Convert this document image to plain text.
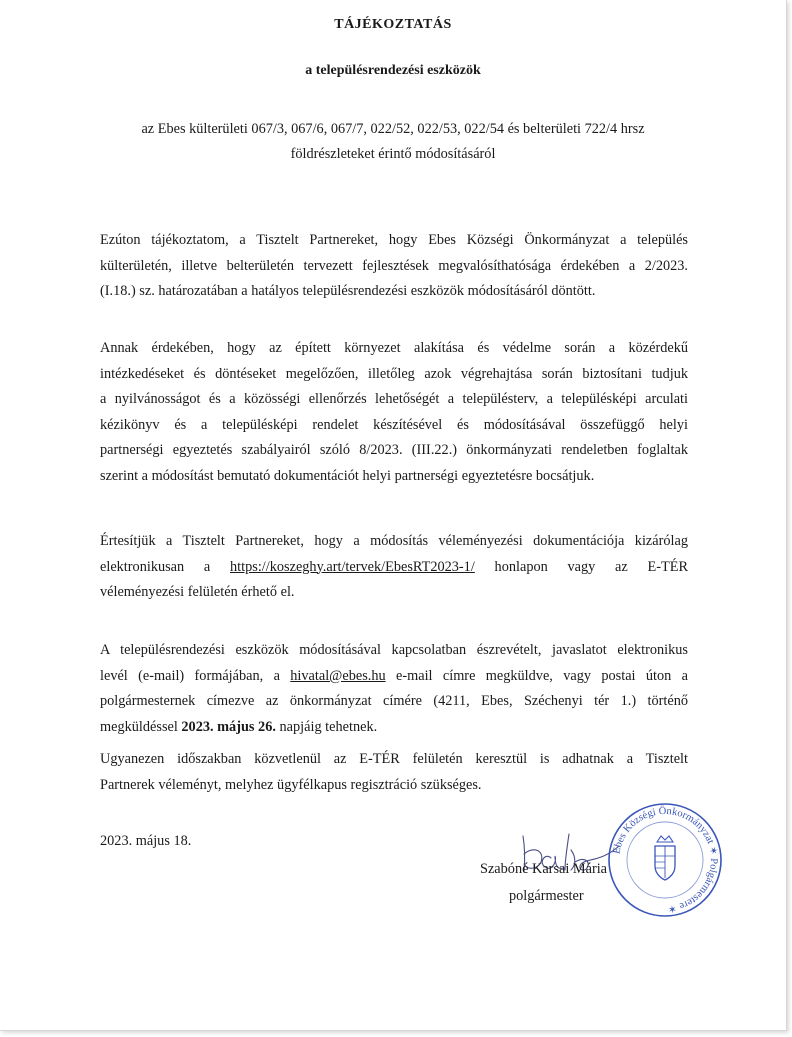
TÁJÉKOZTATÁS
a településrendezési eszközök
az Ebes külterületi 067/3, 067/6, 067/7, 022/52, 022/53, 022/54 és belterületi 722/4 hrsz
földrészleteket érintő módosításáról
Ezúton tájékoztatom, a Tisztelt Partnereket, hogy Ebes Községi Önkormányzat a település
külterületén, illetve belterületén tervezett fejlesztések megvalósíthatósága érdekében a 2/2023.
(I.18.) sz. határozatában a hatályos településrendezési eszközök módosításáról döntött.
Annak érdekében, hogy az épített környezet alakítása és védelme során a közérdekű
intézkedéseket és döntéseket megelőzően, illetőleg azok végrehajtása során biztosítani tudjuk
a nyilvánosságot és a közösségi ellenőrzés lehetőségét a településterv, a településképi arculati
kézikönyv és a településképi rendelet készítésével és módosításával összefüggő helyi
partnerségi egyeztetés szabályairól szóló 8/2023. (III.22.) önkormányzati rendeletben foglaltak
szerint a módosítást bemutató dokumentációt helyi partnerségi egyeztetésre bocsátjuk.
Értesítjük a Tisztelt Partnereket, hogy a módosítás véleményezési dokumentációja kizárólag
elektronikusan a https://koszeghy.art/tervek/EbesRT2023-1/ honlapon vagy az E-TÉR
véleményezési felületén érhető el.
A településrendezési eszközök módosításával kapcsolatban észrevételt, javaslatot elektronikus
levél (e-mail) formájában, a hivatal@ebes.hu e-mail címre megküldve, vagy postai úton a
polgármesternek címezve az önkormányzat címére (4211, Ebes, Széchenyi tér 1.) történő
megküldéssel 2023. május 26. napjáig tehetnek.
Ugyanezen időszakban közvetlenül az E-TÉR felületén keresztül is adhatnak a Tisztelt
Partnerek véleményt, melyhez ügyfélkapus regisztráció szükséges.
2023. május 18.
Szabóné Karsai Mária
polgármester
Ebes Községi Önkormányzat ✶ Polgármestere ✶
